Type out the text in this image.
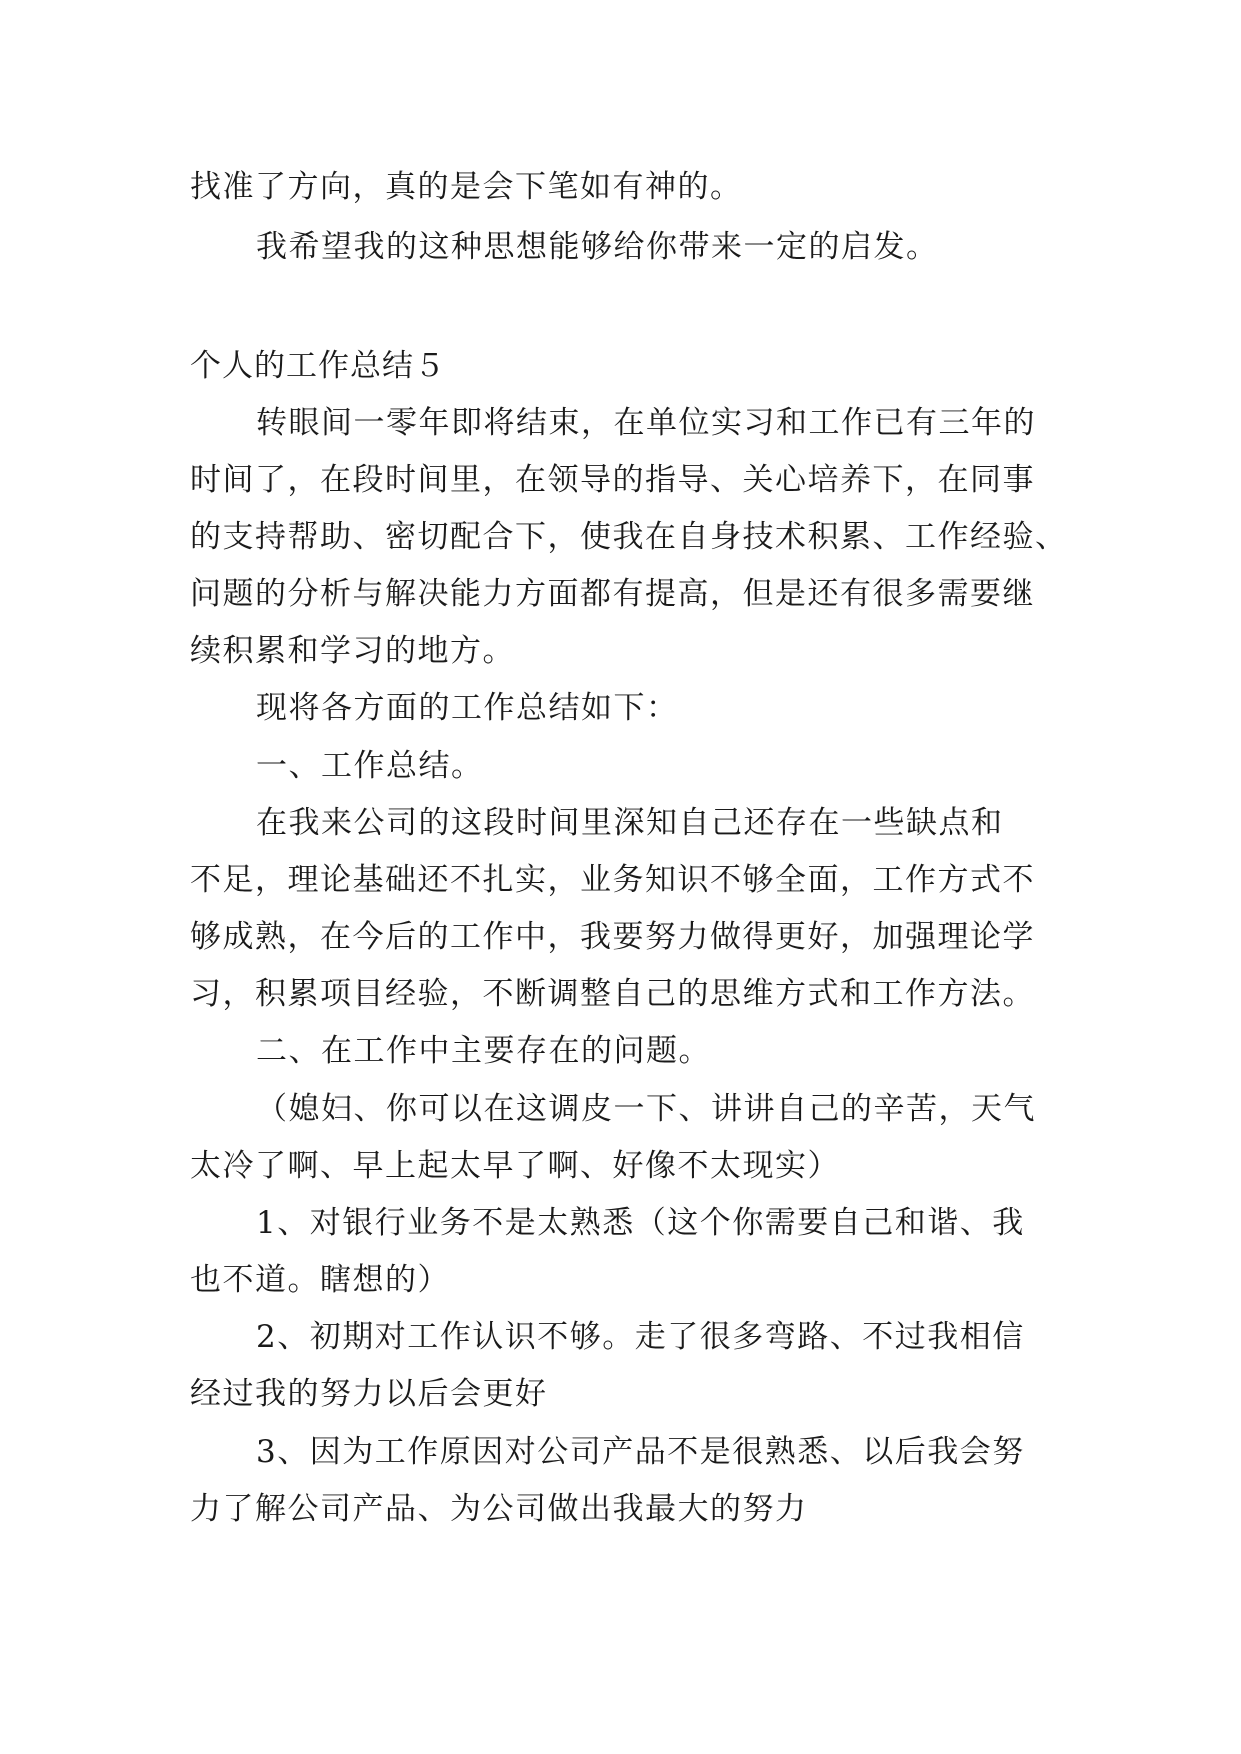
找准了方向，真的是会下笔如有神的。
我希望我的这种思想能够给你带来一定的启发。
个人的工作总结５
转眼间一零年即将结束，在单位实习和工作已有三年的
时间了，在段时间里，在领导的指导、关心培养下，在同事
的支持帮助、密切配合下，使我在自身技术积累、工作经验、
问题的分析与解决能力方面都有提高，但是还有很多需要继
续积累和学习的地方。
现将各方面的工作总结如下：
一、工作总结。
在我来公司的这段时间里深知自己还存在一些缺点和
不足，理论基础还不扎实，业务知识不够全面，工作方式不
够成熟，在今后的工作中，我要努力做得更好，加强理论学
习，积累项目经验，不断调整自己的思维方式和工作方法。
二、在工作中主要存在的问题。
（媳妇、你可以在这调皮一下、讲讲自己的辛苦，天气
太冷了啊、早上起太早了啊、好像不太现实）
1、对银行业务不是太熟悉（这个你需要自己和谐、我
也不道。瞎想的）
2、初期对工作认识不够。走了很多弯路、不过我相信
经过我的努力以后会更好
3、因为工作原因对公司产品不是很熟悉、以后我会努
力了解公司产品、为公司做出我最大的努力
